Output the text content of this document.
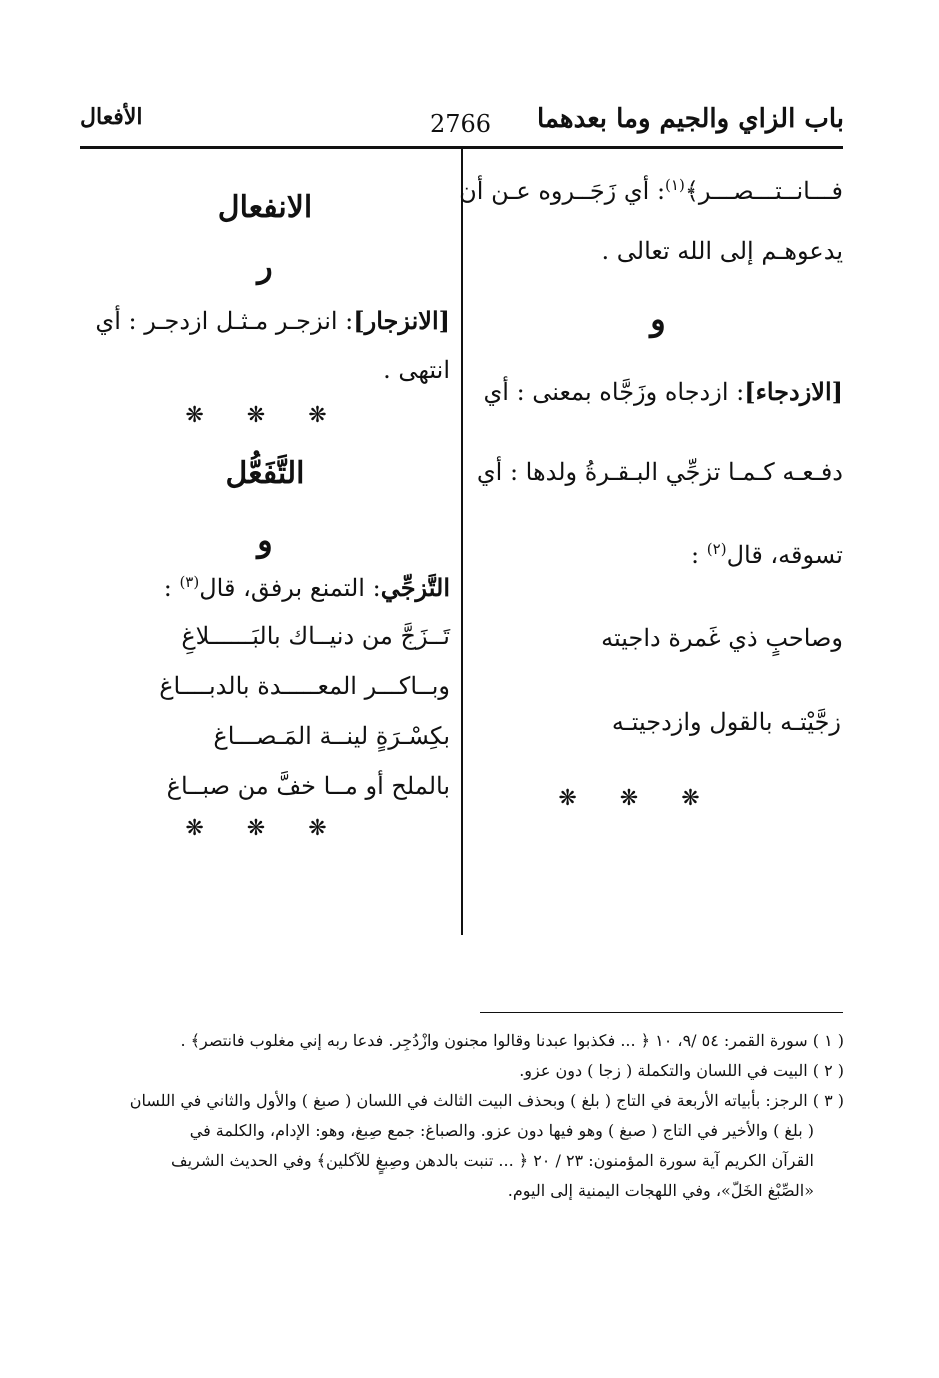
باب الزاي والجيم وما بعدهما
2766
الأفعال
فـــانــتـــصـــر﴾$^{(١)}$: أي زَجَــروه عـن أن
يدعوهـم إلى الله تعالى .
و
[الازدجاء]: ازدجاه وزَجَّاه بمعنى : أي
دفـعـه كـمـا تزجِّي البـقـرةُ ولدها : أي
تسوقه، قال$^{(٢)}$ :
وصاحبٍ ذي غَمرة داجيته
زجَّيْتـه بالقول وازدجيتـه
❋ ❋ ❋
الانفعال
ر
[الانزجار]: انزجـر مـثـل ازدجـر : أي
انتهى .
❋ ❋ ❋
التَّفَعُّل
و
التَّزجِّي: التمنع برفق، قال$^{(٣)}$ :
تَــزَجَّ من دنيــاك بالبَــــــلاغِ
وبــاكـــر المعـــــدة بالدبــــاغ
بكِسْـرَةٍ لينــة المَـصـــاغ
بالملح أو مــا خفَّ من صبــاغ
❋ ❋ ❋
( ١ ) سورة القمر: ٥٤ /٩، ١٠ ﴿ ... فكذبوا عبدنا وقالوا مجنون وازْدُجِر. فدعا ربه إني مغلوب فانتصر﴾ .
( ٢ ) البيت في اللسان والتكملة ( زجا ) دون عزو.
( ٣ ) الرجز: بأبياته الأربعة في التاج ( بلغ ) وبحذف البيت الثالث في اللسان ( صبغ ) والأول والثاني في اللسان
( بلغ ) والأخير في التاج ( صبغ ) وهو فيها دون عزو. والصباغ: جمع صِبغ، وهو: الإدام، والكلمة في
القرآن الكريم آية سورة المؤمنون: ٢٣ / ٢٠ ﴿ ... تنبت بالدهن وصِبغٍ للآكلين﴾ وفي الحديث الشريف
«الصِّبْغ الخَلّ»، وفي اللهجات اليمنية إلى اليوم.
